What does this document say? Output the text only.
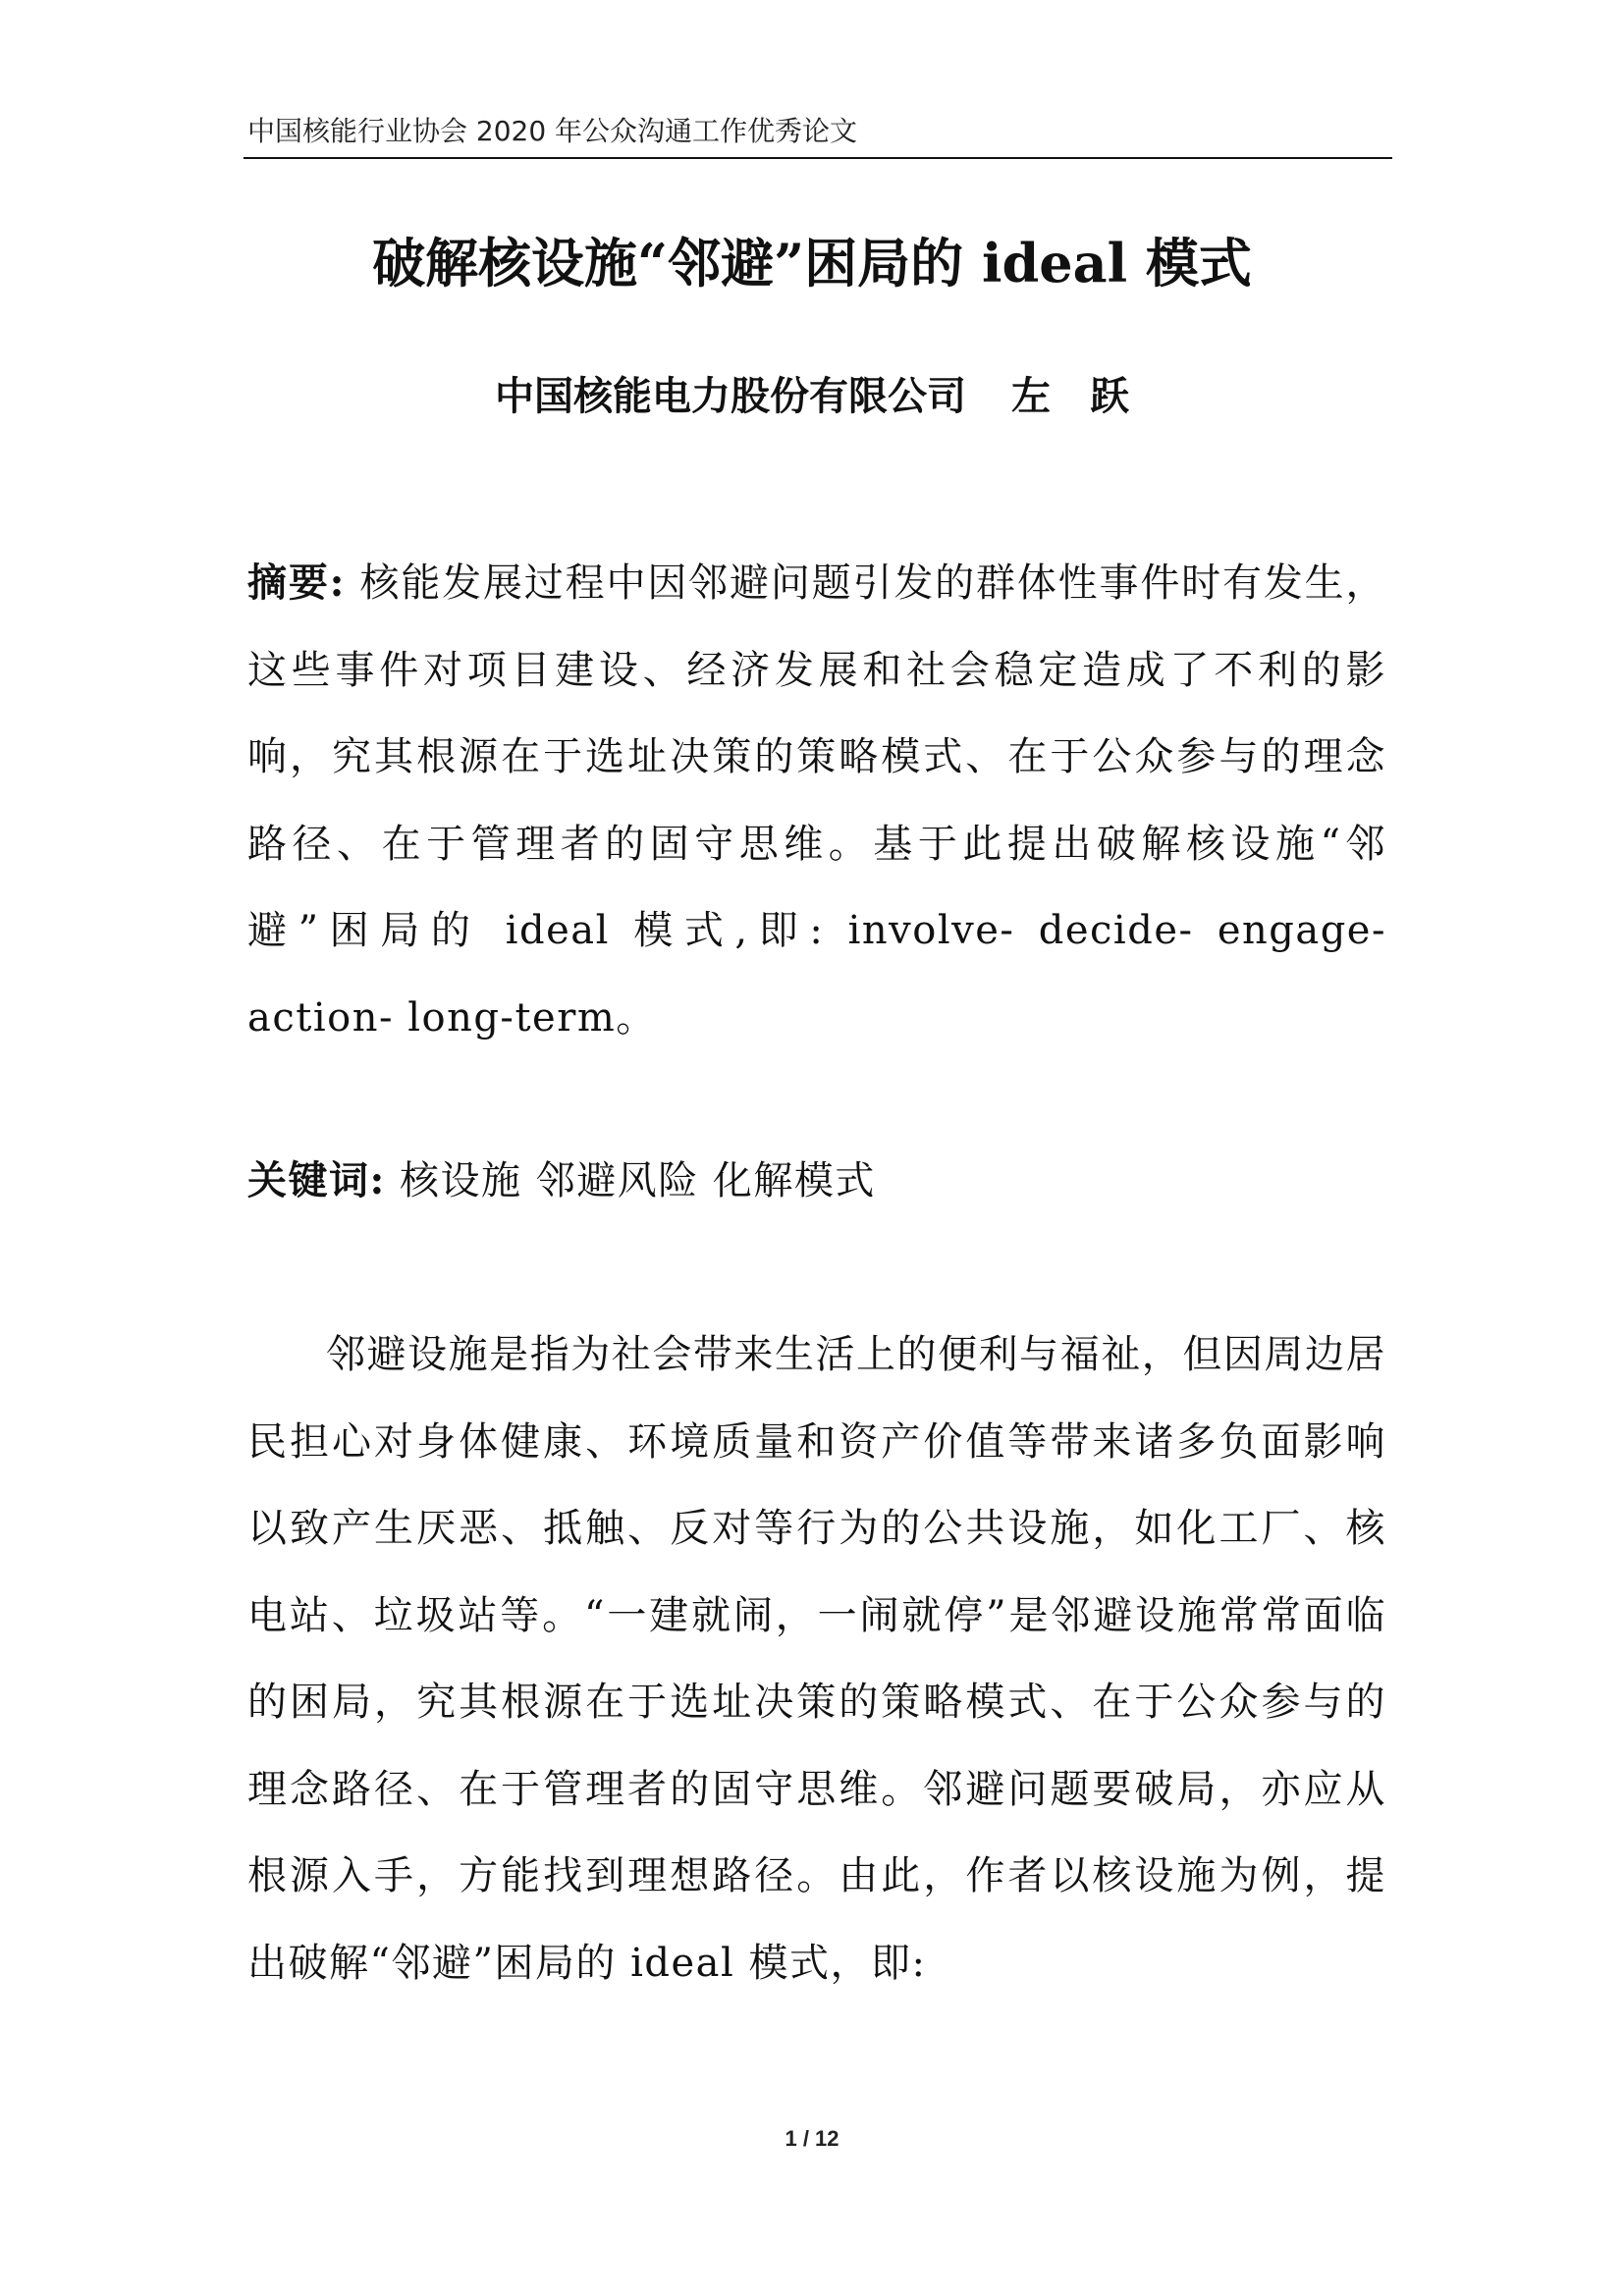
中国核能行业协会 2020 年公众沟通工作优秀论文
破解核设施“邻避”困局的 ideal 模式
中国核能电力股份有限公司 左　跃
摘要: 核能发展过程中因邻避问题引发的群体性事件时有发生，这些事件对项目建设、经济发展和社会稳定造成了不利的影响，究其根源在于选址决策的策略模式、在于公众参与的理念路径、在于管理者的固守思维。基于此提出破解核设施“邻避”困局的 ideal 模式,即: involve- decide- engage- action- long-term。
关键词: 核设施 邻避风险 化解模式
邻避设施是指为社会带来生活上的便利与福祉，但因周边居民担心对身体健康、环境质量和资产价值等带来诸多负面影响以致产生厌恶、抵触、反对等行为的公共设施，如化工厂、核电站、垃圾站等。“一建就闹，一闹就停”是邻避设施常常面临的困局，究其根源在于选址决策的策略模式、在于公众参与的理念路径、在于管理者的固守思维。邻避问题要破局，亦应从根源入手，方能找到理想路径。由此，作者以核设施为例，提出破解“邻避”困局的 ideal 模式，即:
1 / 12
